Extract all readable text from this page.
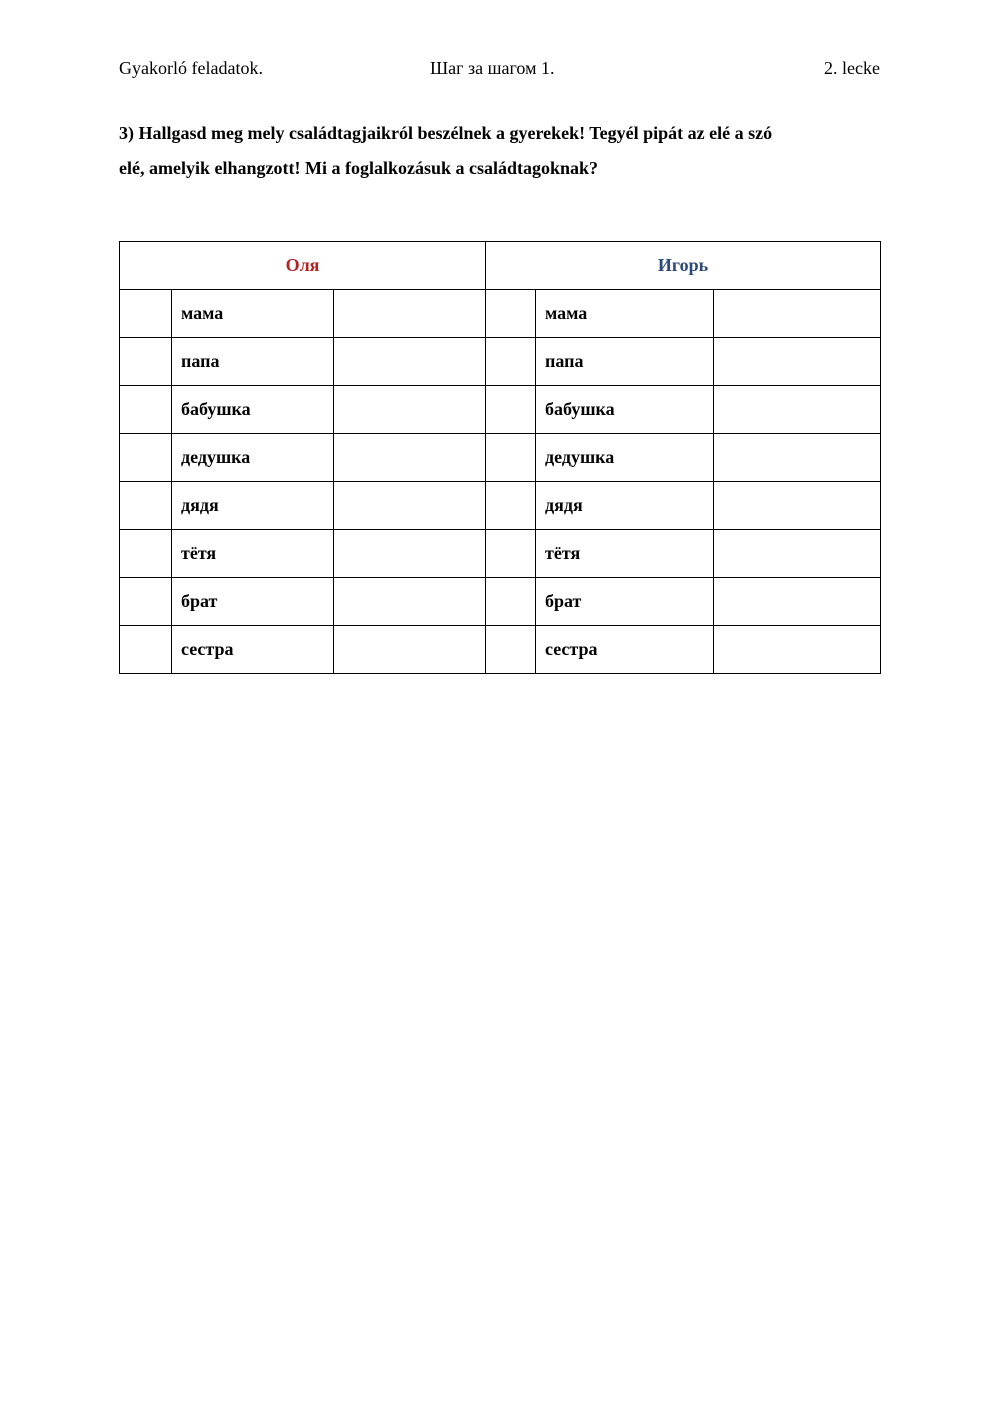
Gyakorló feladatok.	Шаг за шагом 1.	2. lecke

3) Hallgasd meg mely családtagjaikról beszélnek a gyerekek! Tegyél pipát az elé a szó

elé, amelyik elhangzott! Mi a foglalkozásuk a családtagoknak?

Оля			Игорь		
	мама			мама	
	папа			папа	
	бабушка			бабушка	
	дедушка			дедушка	
	дядя			дядя	
	тётя			тётя	
	брат			брат	
	сестра			сестра	
